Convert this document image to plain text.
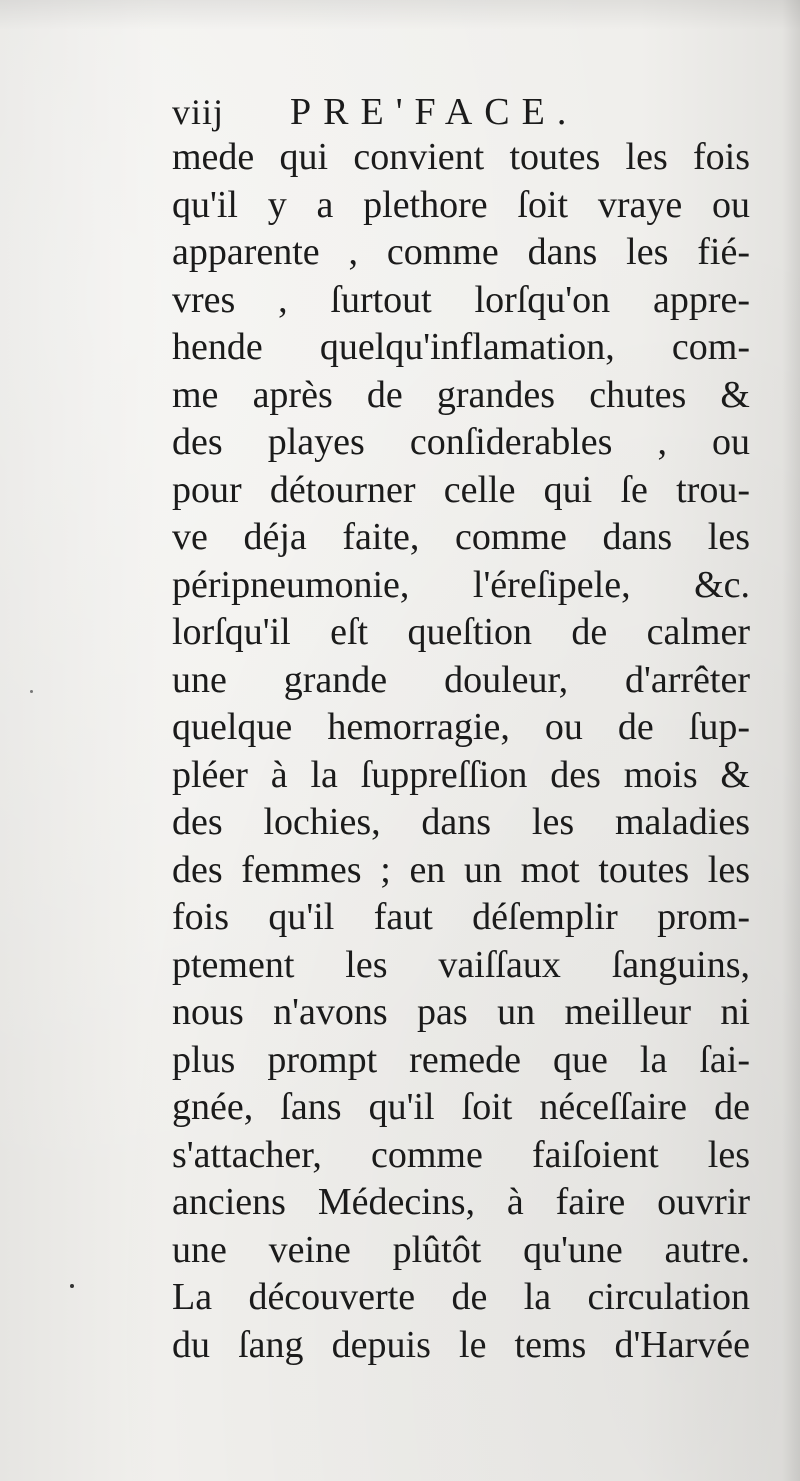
viij PRE'FACE.
mede qui convient toutes les fois
qu'il y a plethore ſoit vraye ou
apparente , comme dans les fié-
vres , ſurtout lorſqu'on appre-
hende quelqu'inflamation, com-
me après de grandes chutes &
des playes conſiderables , ou
pour détourner celle qui ſe trou-
ve déja faite, comme dans les
péripneumonie, l'éreſipele, &c.
lorſqu'il eſt queſtion de calmer
une grande douleur, d'arrêter
quelque hemorragie, ou de ſup-
pléer à la ſuppreſſion des mois &
des lochies, dans les maladies
des femmes ; en un mot toutes les
fois qu'il faut déſemplir prom-
ptement les vaiſſaux ſanguins,
nous n'avons pas un meilleur ni
plus prompt remede que la ſai-
gnée, ſans qu'il ſoit néceſſaire de
s'attacher, comme faiſoient les
anciens Médecins, à faire ouvrir
une veine plûtôt qu'une autre.
La découverte de la circulation
du ſang depuis le tems d'Harvée
